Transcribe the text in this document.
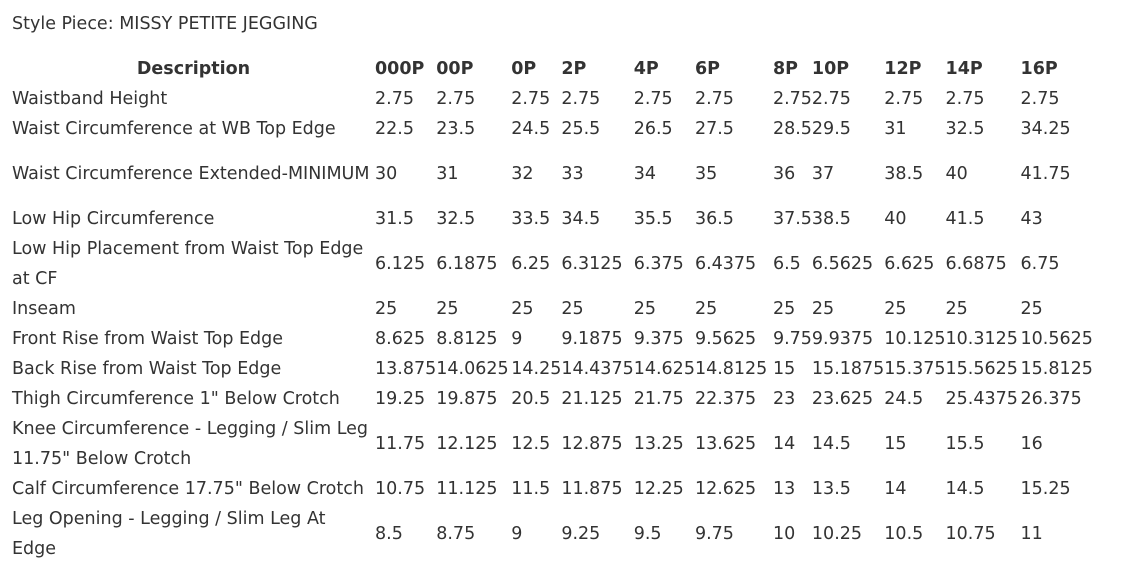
Style Piece: MISSY PETITE JEGGING
Description	000P	00P	0P	2P	4P	6P	8P	10P	12P	14P	16P
Waistband Height	2.75	2.75	2.75	2.75	2.75	2.75	2.75	2.75	2.75	2.75	2.75
Waist Circumference at WB Top Edge	22.5	23.5	24.5	25.5	26.5	27.5	28.5	29.5	31	32.5	34.25
Waist Circumference Extended-MINIMUM	30	31	32	33	34	35	36	37	38.5	40	41.75
Low Hip Circumference	31.5	32.5	33.5	34.5	35.5	36.5	37.5	38.5	40	41.5	43
Low Hip Placement from Waist Top Edge at CF	6.125	6.1875	6.25	6.3125	6.375	6.4375	6.5	6.5625	6.625	6.6875	6.75
Inseam	25	25	25	25	25	25	25	25	25	25	25
Front Rise from Waist Top Edge	8.625	8.8125	9	9.1875	9.375	9.5625	9.75	9.9375	10.125	10.3125	10.5625
Back Rise from Waist Top Edge	13.875	14.0625	14.25	14.4375	14.625	14.8125	15	15.1875	15.375	15.5625	15.8125
Thigh Circumference 1" Below Crotch	19.25	19.875	20.5	21.125	21.75	22.375	23	23.625	24.5	25.4375	26.375
Knee Circumference - Legging / Slim Leg 11.75" Below Crotch	11.75	12.125	12.5	12.875	13.25	13.625	14	14.5	15	15.5	16
Calf Circumference 17.75" Below Crotch	10.75	11.125	11.5	11.875	12.25	12.625	13	13.5	14	14.5	15.25
Leg Opening - Legging / Slim Leg At Edge	8.5	8.75	9	9.25	9.5	9.75	10	10.25	10.5	10.75	11
